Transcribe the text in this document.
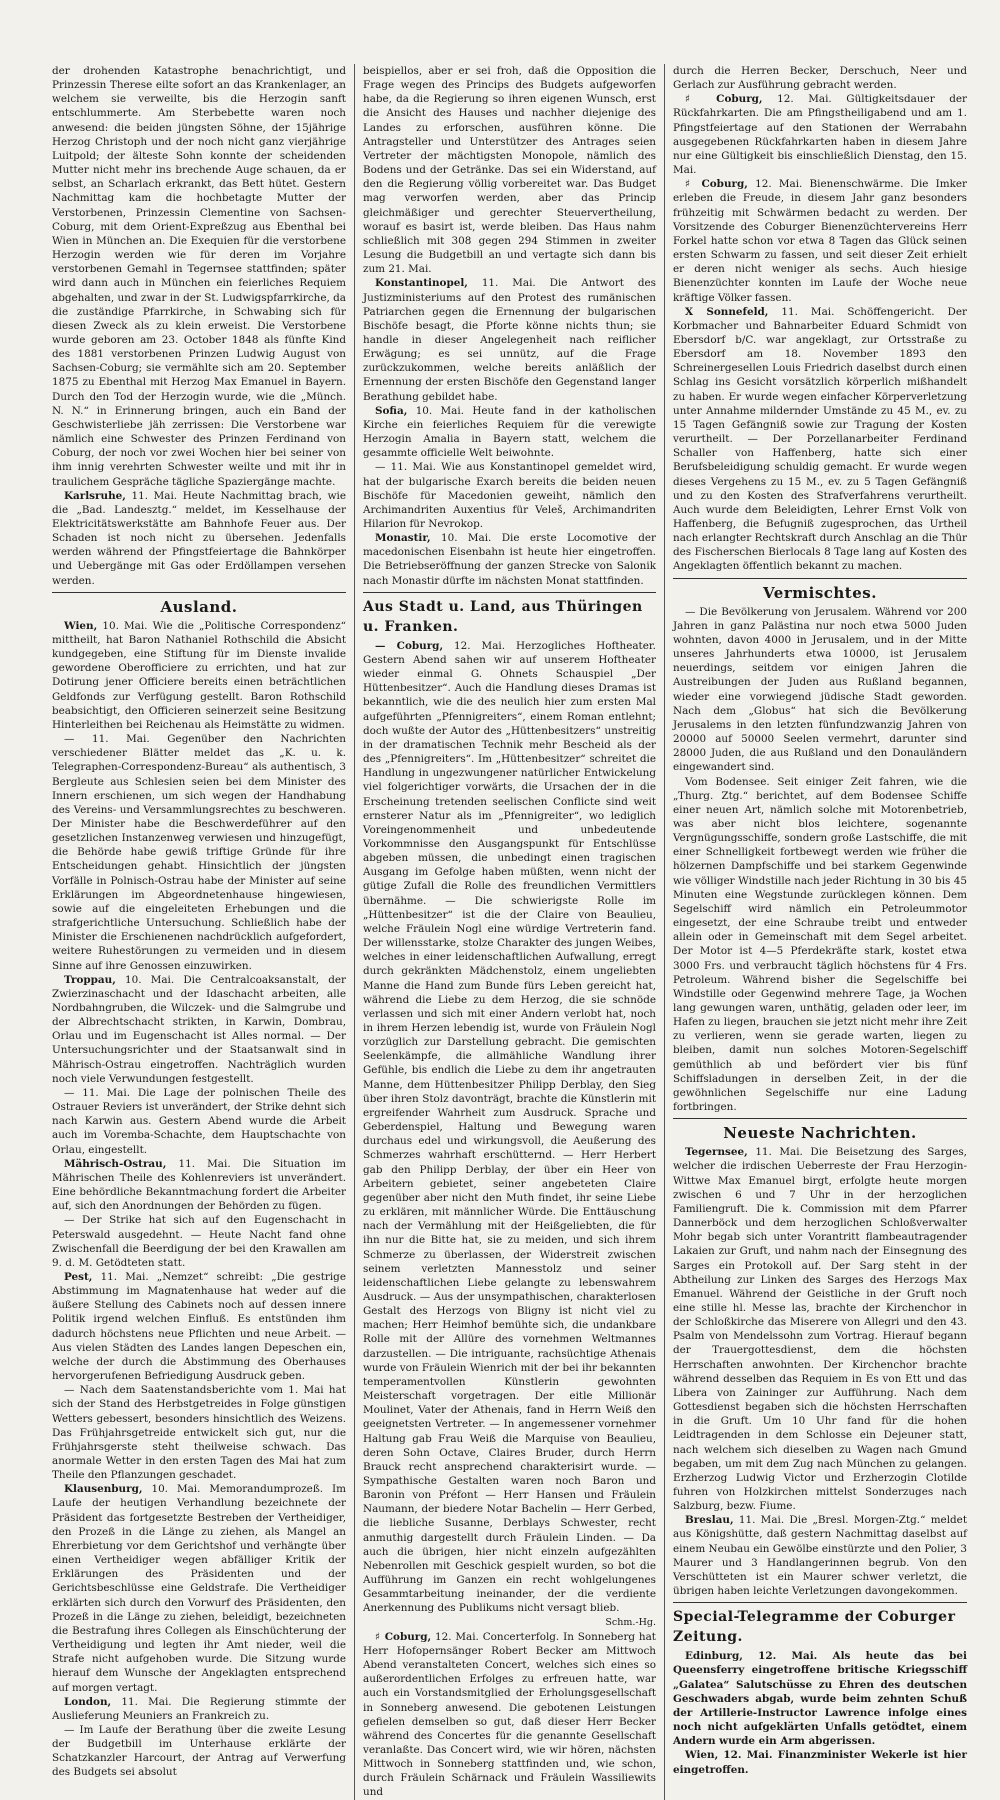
der drohenden Katastrophe benachrichtigt, und Prinzessin Therese eilte sofort an das Krankenlager, an welchem sie verweilte, bis die Herzogin sanft entschlummerte. Am Sterbebette waren noch anwesend: die beiden jüngsten Söhne, der 15jährige Herzog Christoph und der noch nicht ganz vierjährige Luitpold; der älteste Sohn konnte der scheidenden Mutter nicht mehr ins brechende Auge schauen, da er selbst, an Scharlach erkrankt, das Bett hütet. Gestern Nachmittag kam die hochbetagte Mutter der Verstorbenen, Prinzessin Clementine von Sachsen-Coburg, mit dem Orient-Expreßzug aus Ebenthal bei Wien in München an. Die Exequien für die verstorbene Herzogin werden wie für deren im Vorjahre verstorbenen Gemahl in Tegernsee stattfinden; später wird dann auch in München ein feierliches Requiem abgehalten, und zwar in der St. Ludwigspfarrkirche, da die zuständige Pfarrkirche, in Schwabing sich für diesen Zweck als zu klein erweist. Die Verstorbene wurde geboren am 23. October 1848 als fünfte Kind des 1881 verstorbenen Prinzen Ludwig August von Sachsen-Coburg; sie vermählte sich am 20. September 1875 zu Ebenthal mit Herzog Max Emanuel in Bayern. Durch den Tod der Herzogin wurde, wie die „Münch. N. N.“ in Erinnerung bringen, auch ein Band der Geschwisterliebe jäh zerrissen: Die Verstorbene war nämlich eine Schwester des Prinzen Ferdinand von Coburg, der noch vor zwei Wochen hier bei seiner von ihm innig verehrten Schwester weilte und mit ihr in traulichem Gespräche tägliche Spaziergänge machte.

Karlsruhe, 11. Mai. Heute Nachmittag brach, wie die „Bad. Landesztg.“ meldet, im Kesselhause der Elektricitätswerkstätte am Bahnhofe Feuer aus. Der Schaden ist noch nicht zu übersehen. Jedenfalls werden während der Pfingstfeiertage die Bahnkörper und Uebergänge mit Gas oder Erdöllampen versehen werden.

Ausland.

Wien, 10. Mai. Wie die „Politische Correspondenz“ mittheilt, hat Baron Nathaniel Rothschild die Absicht kundgegeben, eine Stiftung für im Dienste invalide gewordene Oberofficiere zu errichten, und hat zur Dotirung jener Officiere bereits einen beträchtlichen Geldfonds zur Verfügung gestellt. Baron Rothschild beabsichtigt, den Officieren seinerzeit seine Besitzung Hinterleithen bei Reichenau als Heimstätte zu widmen.

— 11. Mai. Gegenüber den Nachrichten verschiedener Blätter meldet das „K. u. k. Telegraphen-Correspondenz-Bureau“ als authentisch, 3 Bergleute aus Schlesien seien bei dem Minister des Innern erschienen, um sich wegen der Handhabung des Vereins- und Versammlungsrechtes zu beschweren. Der Minister habe die Beschwerdeführer auf den gesetzlichen Instanzenweg verwiesen und hinzugefügt, die Behörde habe gewiß triftige Gründe für ihre Entscheidungen gehabt. Hinsichtlich der jüngsten Vorfälle in Polnisch-Ostrau habe der Minister auf seine Erklärungen im Abgeordnetenhause hingewiesen, sowie auf die eingeleiteten Erhebungen und die strafgerichtliche Untersuchung. Schließlich habe der Minister die Erschienenen nachdrücklich aufgefordert, weitere Ruhestörungen zu vermeiden und in diesem Sinne auf ihre Genossen einzuwirken.

Troppau, 10. Mai. Die Centralcoaksanstalt, der Zwierzinaschacht und der Idaschacht arbeiten, alle Nordbahngruben, die Wilczek- und die Salmgrube und der Albrechtschacht strikten, in Karwin, Dombrau, Orlau und im Eugenschacht ist Alles normal. — Der Untersuchungsrichter und der Staatsanwalt sind in Mährisch-Ostrau eingetroffen. Nachträglich wurden noch viele Verwundungen festgestellt.

— 11. Mai. Die Lage der polnischen Theile des Ostrauer Reviers ist unverändert, der Strike dehnt sich nach Karwin aus. Gestern Abend wurde die Arbeit auch im Voremba-Schachte, dem Hauptschachte von Orlau, eingestellt.

Mährisch-Ostrau, 11. Mai. Die Situation im Mährischen Theile des Kohlenreviers ist unverändert. Eine behördliche Bekanntmachung fordert die Arbeiter auf, sich den Anordnungen der Behörden zu fügen.

— Der Strike hat sich auf den Eugenschacht in Peterswald ausgedehnt. — Heute Nacht fand ohne Zwischenfall die Beerdigung der bei den Krawallen am 9. d. M. Getödteten statt.

Pest, 11. Mai. „Nemzet“ schreibt: „Die gestrige Abstimmung im Magnatenhause hat weder auf die äußere Stellung des Cabinets noch auf dessen innere Politik irgend welchen Einfluß. Es entstünden ihm dadurch höchstens neue Pflichten und neue Arbeit. — Aus vielen Städten des Landes langen Depeschen ein, welche der durch die Abstimmung des Oberhauses hervorgerufenen Befriedigung Ausdruck geben.

— Nach dem Saatenstandsberichte vom 1. Mai hat sich der Stand des Herbstgetreides in Folge günstigen Wetters gebessert, besonders hinsichtlich des Weizens. Das Frühjahrsgetreide entwickelt sich gut, nur die Frühjahrsgerste steht theilweise schwach. Das anormale Wetter in den ersten Tagen des Mai hat zum Theile den Pflanzungen geschadet.

Klausenburg, 10. Mai. Memorandumprozeß. Im Laufe der heutigen Verhandlung bezeichnete der Präsident das fortgesetzte Bestreben der Vertheidiger, den Prozeß in die Länge zu ziehen, als Mangel an Ehrerbietung vor dem Gerichtshof und verhängte über einen Vertheidiger wegen abfälliger Kritik der Erklärungen des Präsidenten und der Gerichtsbeschlüsse eine Geldstrafe. Die Vertheidiger erklärten sich durch den Vorwurf des Präsidenten, den Prozeß in die Länge zu ziehen, beleidigt, bezeichneten die Bestrafung ihres Collegen als Einschüchterung der Vertheidigung und legten ihr Amt nieder, weil die Strafe nicht aufgehoben wurde. Die Sitzung wurde hierauf dem Wunsche der Angeklagten entsprechend auf morgen vertagt.

London, 11. Mai. Die Regierung stimmte der Auslieferung Meuniers an Frankreich zu.

— Im Laufe der Berathung über die zweite Lesung der Budgetbill im Unterhause erklärte der Schatzkanzler Harcourt, der Antrag auf Verwerfung des Budgets sei absolut

beispiellos, aber er sei froh, daß die Opposition die Frage wegen des Princips des Budgets aufgeworfen habe, da die Regierung so ihren eigenen Wunsch, erst die Ansicht des Hauses und nachher diejenige des Landes zu erforschen, ausführen könne. Die Antragsteller und Unterstützer des Antrages seien Vertreter der mächtigsten Monopole, nämlich des Bodens und der Getränke. Das sei ein Widerstand, auf den die Regierung völlig vorbereitet war. Das Budget mag verworfen werden, aber das Princip gleichmäßiger und gerechter Steuervertheilung, worauf es basirt ist, werde bleiben. Das Haus nahm schließlich mit 308 gegen 294 Stimmen in zweiter Lesung die Budgetbill an und vertagte sich dann bis zum 21. Mai.

Konstantinopel, 11. Mai. Die Antwort des Justizministeriums auf den Protest des rumänischen Patriarchen gegen die Ernennung der bulgarischen Bischöfe besagt, die Pforte könne nichts thun; sie handle in dieser Angelegenheit nach reiflicher Erwägung; es sei unnütz, auf die Frage zurückzukommen, welche bereits anläßlich der Ernennung der ersten Bischöfe den Gegenstand langer Berathung gebildet habe.

Sofia, 10. Mai. Heute fand in der katholischen Kirche ein feierliches Requiem für die verewigte Herzogin Amalia in Bayern statt, welchem die gesammte officielle Welt beiwohnte.

— 11. Mai. Wie aus Konstantinopel gemeldet wird, hat der bulgarische Exarch bereits die beiden neuen Bischöfe für Macedonien geweiht, nämlich den Archimandriten Auxentius für Veleš, Archimandriten Hilarion für Nevrokop.

Monastir, 10. Mai. Die erste Locomotive der macedonischen Eisenbahn ist heute hier eingetroffen. Die Betriebseröffnung der ganzen Strecke von Salonik nach Monastir dürfte im nächsten Monat stattfinden.

Aus Stadt u. Land, aus Thüringen u. Franken.

— Coburg, 12. Mai. Herzogliches Hoftheater. Gestern Abend sahen wir auf unserem Hoftheater wieder einmal G. Ohnets Schauspiel „Der Hüttenbesitzer“. Auch die Handlung dieses Dramas ist bekanntlich, wie die des neulich hier zum ersten Mal aufgeführten „Pfennigreiters“, einem Roman entlehnt; doch wußte der Autor des „Hüttenbesitzers“ unstreitig in der dramatischen Technik mehr Bescheid als der des „Pfennigreiters“. Im „Hüttenbesitzer“ schreitet die Handlung in ungezwungener natürlicher Entwickelung viel folgerichtiger vorwärts, die Ursachen der in die Erscheinung tretenden seelischen Conflicte sind weit ernsterer Natur als im „Pfennigreiter“, wo lediglich Voreingenommenheit und unbedeutende Vorkommnisse den Ausgangspunkt für Entschlüsse abgeben müssen, die unbedingt einen tragischen Ausgang im Gefolge haben müßten, wenn nicht der gütige Zufall die Rolle des freundlichen Vermittlers übernähme. — Die schwierigste Rolle im „Hüttenbesitzer“ ist die der Claire von Beaulieu, welche Fräulein Nogl eine würdige Vertreterin fand. Der willensstarke, stolze Charakter des jungen Weibes, welches in einer leidenschaftlichen Aufwallung, erregt durch gekränkten Mädchenstolz, einem ungeliebten Manne die Hand zum Bunde fürs Leben gereicht hat, während die Liebe zu dem Herzog, die sie schnöde verlassen und sich mit einer Andern verlobt hat, noch in ihrem Herzen lebendig ist, wurde von Fräulein Nogl vorzüglich zur Darstellung gebracht. Die gemischten Seelenkämpfe, die allmähliche Wandlung ihrer Gefühle, bis endlich die Liebe zu dem ihr angetrauten Manne, dem Hüttenbesitzer Philipp Derblay, den Sieg über ihren Stolz davonträgt, brachte die Künstlerin mit ergreifender Wahrheit zum Ausdruck. Sprache und Geberdenspiel, Haltung und Bewegung waren durchaus edel und wirkungsvoll, die Aeußerung des Schmerzes wahrhaft erschütternd. — Herr Herbert gab den Philipp Derblay, der über ein Heer von Arbeitern gebietet, seiner angebeteten Claire gegenüber aber nicht den Muth findet, ihr seine Liebe zu erklären, mit männlicher Würde. Die Enttäuschung nach der Vermählung mit der Heißgeliebten, die für ihn nur die Bitte hat, sie zu meiden, und sich ihrem Schmerze zu überlassen, der Widerstreit zwischen seinem verletzten Mannesstolz und seiner leidenschaftlichen Liebe gelangte zu lebenswahrem Ausdruck. — Aus der unsympathischen, charakterlosen Gestalt des Herzogs von Bligny ist nicht viel zu machen; Herr Heimhof bemühte sich, die undankbare Rolle mit der Allüre des vornehmen Weltmannes darzustellen. — Die intriguante, rachsüchtige Athenais wurde von Fräulein Wienrich mit der bei ihr bekannten temperamentvollen Künstlerin gewohnten Meisterschaft vorgetragen. Der eitle Millionär Moulinet, Vater der Athenais, fand in Herrn Weiß den geeignetsten Vertreter. — In angemessener vornehmer Haltung gab Frau Weiß die Marquise von Beaulieu, deren Sohn Octave, Claires Bruder, durch Herrn Brauck recht ansprechend charakterisirt wurde. — Sympathische Gestalten waren noch Baron und Baronin von Préfont — Herr Hansen und Fräulein Naumann, der biedere Notar Bachelin — Herr Gerbed, die liebliche Susanne, Derblays Schwester, recht anmuthig dargestellt durch Fräulein Linden. — Da auch die übrigen, hier nicht einzeln aufgezählten Nebenrollen mit Geschick gespielt wurden, so bot die Aufführung im Ganzen ein recht wohlgelungenes Gesammtarbeitung ineinander, der die verdiente Anerkennung des Publikums nicht versagt blieb.

Schm.-Hg.

♯ Coburg, 12. Mai. Concerterfolg. In Sonneberg hat Herr Hofopernsänger Robert Becker am Mittwoch Abend veranstalteten Concert, welches sich eines so außerordentlichen Erfolges zu erfreuen hatte, war auch ein Vorstandsmitglied der Erholungsgesellschaft in Sonneberg anwesend. Die gebotenen Leistungen gefielen demselben so gut, daß dieser Herr Becker während des Concertes für die genannte Gesellschaft veranlaßte. Das Concert wird, wie wir hören, nächsten Mittwoch in Sonneberg stattfinden und, wie schon, durch Fräulein Schärnack und Fräulein Wassiliewits und

durch die Herren Becker, Derschuch, Neer und Gerlach zur Ausführung gebracht werden.

♯ Coburg, 12. Mai. Gültigkeitsdauer der Rückfahrkarten. Die am Pfingstheiligabend und am 1. Pfingstfeiertage auf den Stationen der Werrabahn ausgegebenen Rückfahrkarten haben in diesem Jahre nur eine Gültigkeit bis einschließlich Dienstag, den 15. Mai.

♯ Coburg, 12. Mai. Bienenschwärme. Die Imker erleben die Freude, in diesem Jahr ganz besonders frühzeitig mit Schwärmen bedacht zu werden. Der Vorsitzende des Coburger Bienenzüchtervereins Herr Forkel hatte schon vor etwa 8 Tagen das Glück seinen ersten Schwarm zu fassen, und seit dieser Zeit erhielt er deren nicht weniger als sechs. Auch hiesige Bienenzüchter konnten im Laufe der Woche neue kräftige Völker fassen.

X Sonnefeld, 11. Mai. Schöffengericht. Der Korbmacher und Bahnarbeiter Eduard Schmidt von Ebersdorf b/C. war angeklagt, zur Ortsstraße zu Ebersdorf am 18. November 1893 den Schreinergesellen Louis Friedrich daselbst durch einen Schlag ins Gesicht vorsätzlich körperlich mißhandelt zu haben. Er wurde wegen einfacher Körperverletzung unter Annahme mildernder Umstände zu 45 M., ev. zu 15 Tagen Gefängniß sowie zur Tragung der Kosten verurtheilt. — Der Porzellanarbeiter Ferdinand Schaller von Haffenberg, hatte sich einer Berufsbeleidigung schuldig gemacht. Er wurde wegen dieses Vergehens zu 15 M., ev. zu 5 Tagen Gefängniß und zu den Kosten des Strafverfahrens verurtheilt. Auch wurde dem Beleidigten, Lehrer Ernst Volk von Haffenberg, die Befugniß zugesprochen, das Urtheil nach erlangter Rechtskraft durch Anschlag an die Thür des Fischerschen Bierlocals 8 Tage lang auf Kosten des Angeklagten öffentlich bekannt zu machen.

Vermischtes.

— Die Bevölkerung von Jerusalem. Während vor 200 Jahren in ganz Palästina nur noch etwa 5000 Juden wohnten, davon 4000 in Jerusalem, und in der Mitte unseres Jahrhunderts etwa 10000, ist Jerusalem neuerdings, seitdem vor einigen Jahren die Austreibungen der Juden aus Rußland begannen, wieder eine vorwiegend jüdische Stadt geworden. Nach dem „Globus“ hat sich die Bevölkerung Jerusalems in den letzten fünfundzwanzig Jahren von 20000 auf 50000 Seelen vermehrt, darunter sind 28000 Juden, die aus Rußland und den Donauländern eingewandert sind.

Vom Bodensee. Seit einiger Zeit fahren, wie die „Thurg. Ztg.“ berichtet, auf dem Bodensee Schiffe einer neuen Art, nämlich solche mit Motorenbetrieb, was aber nicht blos leichtere, sogenannte Vergnügungsschiffe, sondern große Lastschiffe, die mit einer Schnelligkeit fortbewegt werden wie früher die hölzernen Dampfschiffe und bei starkem Gegenwinde wie völliger Windstille nach jeder Richtung in 30 bis 45 Minuten eine Wegstunde zurücklegen können. Dem Segelschiff wird nämlich ein Petroleummotor eingesetzt, der eine Schraube treibt und entweder allein oder in Gemeinschaft mit dem Segel arbeitet. Der Motor ist 4—5 Pferdekräfte stark, kostet etwa 3000 Frs. und verbraucht täglich höchstens für 4 Frs. Petroleum. Während bisher die Segelschiffe bei Windstille oder Gegenwind mehrere Tage, ja Wochen lang gewungen waren, unthätig, geladen oder leer, im Hafen zu liegen, brauchen sie jetzt nicht mehr ihre Zeit zu verlieren, wenn sie gerade warten, liegen zu bleiben, damit nun solches Motoren-Segelschiff gemüthlich ab und befördert vier bis fünf Schiffsladungen in derselben Zeit, in der die gewöhnlichen Segelschiffe nur eine Ladung fortbringen.

Neueste Nachrichten.

Tegernsee, 11. Mai. Die Beisetzung des Sarges, welcher die irdischen Ueberreste der Frau Herzogin-Wittwe Max Emanuel birgt, erfolgte heute morgen zwischen 6 und 7 Uhr in der herzoglichen Familiengruft. Die k. Commission mit dem Pfarrer Dannerböck und dem herzoglichen Schloßverwalter Mohr begab sich unter Vorantritt flambeautragender Lakaien zur Gruft, und nahm nach der Einsegnung des Sarges ein Protokoll auf. Der Sarg steht in der Abtheilung zur Linken des Sarges des Herzogs Max Emanuel. Während der Geistliche in der Gruft noch eine stille hl. Messe las, brachte der Kirchenchor in der Schloßkirche das Miserere von Allegri und den 43. Psalm von Mendelssohn zum Vortrag. Hierauf begann der Trauergottesdienst, dem die höchsten Herrschaften anwohnten. Der Kirchenchor brachte während desselben das Requiem in Es von Ett und das Libera von Zaininger zur Aufführung. Nach dem Gottesdienst begaben sich die höchsten Herrschaften in die Gruft. Um 10 Uhr fand für die hohen Leidtragenden in dem Schlosse ein Dejeuner statt, nach welchem sich dieselben zu Wagen nach Gmund begaben, um mit dem Zug nach München zu gelangen. Erzherzog Ludwig Victor und Erzherzogin Clotilde fuhren von Holzkirchen mittelst Sonderzuges nach Salzburg, bezw. Fiume.

Breslau, 11. Mai. Die „Bresl. Morgen-Ztg.“ meldet aus Königshütte, daß gestern Nachmittag daselbst auf einem Neubau ein Gewölbe einstürzte und den Polier, 3 Maurer und 3 Handlangerinnen begrub. Von den Verschütteten ist ein Maurer schwer verletzt, die übrigen haben leichte Verletzungen davongekommen.

Special-Telegramme der Coburger Zeitung.

Edinburg, 12. Mai. Als heute das bei Queensferry eingetroffene britische Kriegsschiff „Galatea“ Salutschüsse zu Ehren des deutschen Geschwaders abgab, wurde beim zehnten Schuß der Artillerie-Instructor Lawrence infolge eines noch nicht aufgeklärten Unfalls getödtet, einem Andern wurde ein Arm abgerissen.

Wien, 12. Mai. Finanzminister Wekerle ist hier eingetroffen.
